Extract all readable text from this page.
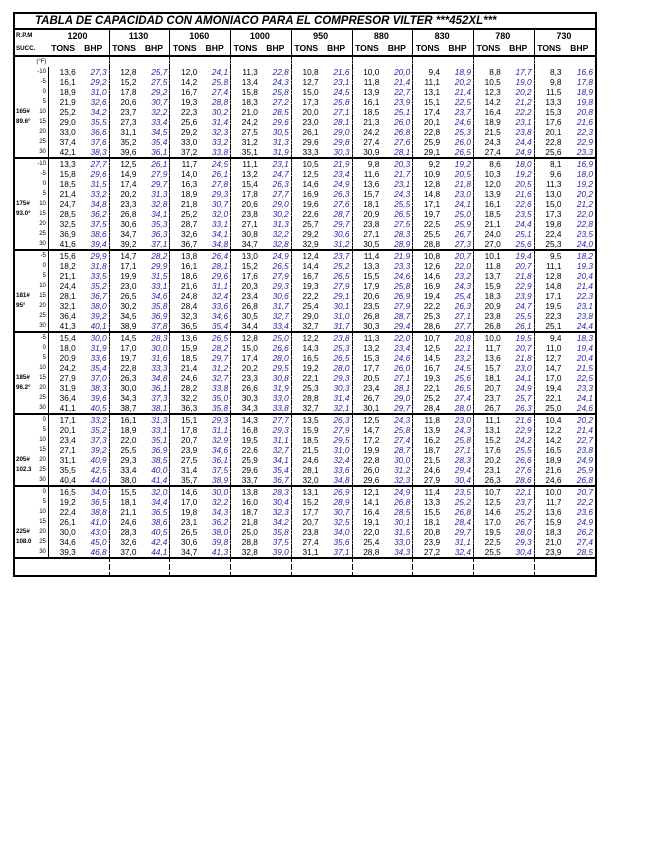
TABLA DE CAPACIDAD CON AMONIACO PARA EL COMPRESOR VILTER ***452XL***
R.P.M		1200		1130		1060		1000		950		880		830		780		730	
SUCC.		TONS	BHP	TONS	BHP	TONS	BHP	TONS	BHP	TONS	BHP	TONS	BHP	TONS	BHP	TONS	BHP	TONS	BHP
(°F)																			
	-10	13,6	27,3	12,8	25,7	12,0	24,1	11,3	22,8	10,8	21,6	10,0	20,0	9,4	18,9	8,8	17,7	8,3	16,6
	-5	16,1	29,2	15,2	27,5	14,2	25,8	13,4	24,3	12,7	23,1	11,8	21,4	11,1	20,2	10,5	19,0	9,8	17,8
	0	18,9	31,0	17,8	29,2	16,7	27,4	15,8	25,8	15,0	24,5	13,9	22,7	13,1	21,4	12,3	20,2	11,5	18,9
	5	21,9	32,6	20,6	30,7	19,3	28,8	18,3	27,2	17,3	25,8	16,1	23,9	15,1	22,5	14,2	21,2	13,3	19,8
165#	10	25,2	34,2	23,7	32,2	22,3	30,2	21,0	28,5	20,0	27,1	18,5	25,1	17,4	23,7	16,4	22,2	15,3	20,8
89.6°	15	29,0	35,5	27,3	33,4	25,6	31,4	24,2	29,6	23,0	28,1	21,3	26,0	20,1	24,6	18,9	23,1	17,6	21,6
	20	33,0	36,6	31,1	34,5	29,2	32,3	27,5	30,5	26,1	29,0	24,2	26,8	22,8	25,3	21,5	23,8	20,1	22,3
	25	37,4	37,6	35,2	35,4	33,0	33,2	31,2	31,3	29,6	29,8	27,4	27,6	25,9	26,0	24,3	24,4	22,8	22,9
	30	42,1	38,3	39,6	36,1	37,2	33,8	35,1	31,9	33,3	30,3	30,9	28,1	29,1	26,5	27,4	24,9	25,6	23,3
	-10	13,3	27,7	12,5	26,1	11,7	24,5	11,1	23,1	10,5	21,9	9,8	20,3	9,2	19,2	8,6	18,0	8,1	16,9
	-5	15,8	29,6	14,9	27,9	14,0	26,1	13,2	24,7	12,5	23,4	11,6	21,7	10,9	20,5	10,3	19,2	9,6	18,0
	0	18,5	31,5	17,4	29,7	16,3	27,8	15,4	26,3	14,6	24,9	13,6	23,1	12,8	21,8	12,0	20,5	11,3	19,2
	5	21,4	33,2	20,2	31,3	18,9	29,3	17,8	27,7	16,9	26,3	15,7	24,3	14,8	23,0	13,9	21,6	13,0	20,2
175#	10	24,7	34,8	23,3	32,8	21,8	30,7	20,6	29,0	19,6	27,6	18,1	25,5	17,1	24,1	16,1	22,6	15,0	21,2
93.0°	15	28,5	36,2	26,8	34,1	25,2	32,0	23,8	30,2	22,6	28,7	20,9	26,5	19,7	25,0	18,5	23,5	17,3	22,0
	20	32,5	37,5	30,6	35,3	28,7	33,1	27,1	31,3	25,7	29,7	23,8	27,5	22,5	25,9	21,1	24,4	19,8	22,8
	25	36,9	38,6	34,7	36,3	32,6	34,1	30,8	32,2	29,2	30,6	27,1	28,3	25,5	26,7	24,0	25,1	22,4	23,5
	30	41,6	39,4	39,2	37,1	36,7	34,8	34,7	32,8	32,9	31,2	30,5	28,9	28,8	27,3	27,0	25,6	25,3	24,0
	-5	15,6	29,9	14,7	28,2	13,8	26,4	13,0	24,9	12,4	23,7	11,4	21,9	10,8	20,7	10,1	19,4	9,5	18,2
	0	18,2	31,8	17,1	29,9	16,1	28,1	15,2	26,5	14,4	25,2	13,3	23,3	12,6	22,0	11,8	20,7	11,1	19,3
	5	21,1	33,5	19,9	31,5	18,6	29,6	17,6	27,9	16,7	26,5	15,5	24,6	14,6	23,2	13,7	21,8	12,8	20,4
	10	24,4	35,2	23,0	33,1	21,6	31,1	20,3	29,3	19,3	27,9	17,9	25,8	16,9	24,3	15,9	22,9	14,8	21,4
181#	15	28,1	36,7	26,5	34,6	24,8	32,4	23,4	30,6	22,2	29,1	20,6	26,9	19,4	25,4	18,3	23,9	17,1	22,3
95°	20	32,1	38,0	30,2	35,8	28,4	33,6	26,8	31,7	25,4	30,1	23,5	27,9	22,2	26,3	20,9	24,7	19,5	23,1
	25	36,4	39,2	34,5	36,9	32,3	34,6	30,5	32,7	29,0	31,0	26,8	28,7	25,3	27,1	23,8	25,5	22,3	23,8
	30	41,3	40,1	38,9	37,8	36,5	35,4	34,4	33,4	32,7	31,7	30,3	29,4	28,6	27,7	26,8	26,1	25,1	24,4
	-5	15,4	30,0	14,5	28,3	13,6	26,5	12,8	25,0	12,2	23,8	11,3	22,0	10,7	20,8	10,0	19,5	9,4	18,3
	0	18,0	31,9	17,0	30,0	15,9	28,2	15,0	26,6	14,3	25,3	13,2	23,4	12,5	22,1	11,7	20,7	11,0	19,4
	5	20,9	33,6	19,7	31,6	18,5	29,7	17,4	28,0	16,5	26,5	15,3	24,6	14,5	23,2	13,6	21,8	12,7	20,4
	10	24,2	35,4	22,8	33,3	21,4	31,2	20,2	29,5	19,2	28,0	17,7	26,0	16,7	24,5	15,7	23,0	14,7	21,5
185#	15	27,9	37,0	26,3	34,8	24,6	32,7	23,3	30,8	22,1	29,3	20,5	27,1	19,3	25,6	18,1	24,1	17,0	22,5
96.2°	20	31,9	38,3	30,0	36,1	28,2	33,8	26,6	31,9	25,3	30,3	23,4	28,1	22,1	26,5	20,7	24,9	19,4	23,3
	25	36,4	39,6	34,3	37,3	32,2	35,0	30,3	33,0	28,8	31,4	26,7	29,0	25,2	27,4	23,7	25,7	22,1	24,1
	30	41,1	40,5	38,7	38,1	36,3	35,8	34,3	33,8	32,7	32,1	30,1	29,7	28,4	28,0	26,7	26,3	25,0	24,6
	0	17,1	33,2	16,1	31,3	15,1	29,3	14,3	27,7	13,5	26,3	12,5	24,3	11,8	23,0	11,1	21,6	10,4	20,2
	5	20,1	35,2	18,9	33,1	17,8	31,1	16,8	29,3	15,9	27,9	14,7	25,8	13,9	24,3	13,1	22,9	12,2	21,4
	10	23,4	37,3	22,0	35,1	20,7	32,9	19,5	31,1	18,5	29,5	17,2	27,4	16,2	25,8	15,2	24,2	14,2	22,7
	15	27,1	39,2	25,5	36,9	23,9	34,6	22,6	32,7	21,5	31,0	19,9	28,7	18,7	27,1	17,6	25,5	16,5	23,8
205#	20	31,1	40,9	29,3	38,5	27,5	36,1	25,9	34,1	24,6	32,4	22,8	30,0	21,5	28,3	20,2	26,6	18,9	24,9
102.3	25	35,5	42,5	33,4	40,0	31,4	37,5	29,6	35,4	28,1	33,6	26,0	31,2	24,6	29,4	23,1	27,6	21,6	25,9
	30	40,4	44,0	38,0	41,4	35,7	38,9	33,7	36,7	32,0	34,8	29,6	32,3	27,9	30,4	26,3	28,6	24,6	26,8
	0	16,5	34,0	15,5	32,0	14,6	30,0	13,8	28,3	13,1	26,9	12,1	24,9	11,4	23,5	10,7	22,1	10,0	20,7
	5	19,2	36,5	18,1	34,4	17,0	32,2	16,0	30,4	15,2	28,9	14,1	26,8	13,3	25,2	12,5	23,7	11,7	22,2
	10	22,4	38,8	21,1	36,5	19,8	34,3	18,7	32,3	17,7	30,7	16,4	28,5	15,5	26,8	14,6	25,2	13,6	23,6
	15	26,1	41,0	24,6	38,6	23,1	36,2	21,8	34,2	20,7	32,5	19,1	30,1	18,1	28,4	17,0	26,7	15,9	24,9
225#	20	30,0	43,0	28,3	40,5	26,5	38,0	25,0	35,8	23,8	34,0	22,0	31,5	20,8	29,7	19,5	28,0	18,3	26,2
108.0	25	34,6	45,0	32,6	42,4	30,6	39,8	28,8	37,5	27,4	35,6	25,4	33,0	23,9	31,1	22,5	29,3	21,0	27,4
	30	39,3	46,8	37,0	44,1	34,7	41,3	32,8	39,0	31,1	37,1	28,8	34,3	27,2	32,4	25,5	30,4	23,9	28,5
